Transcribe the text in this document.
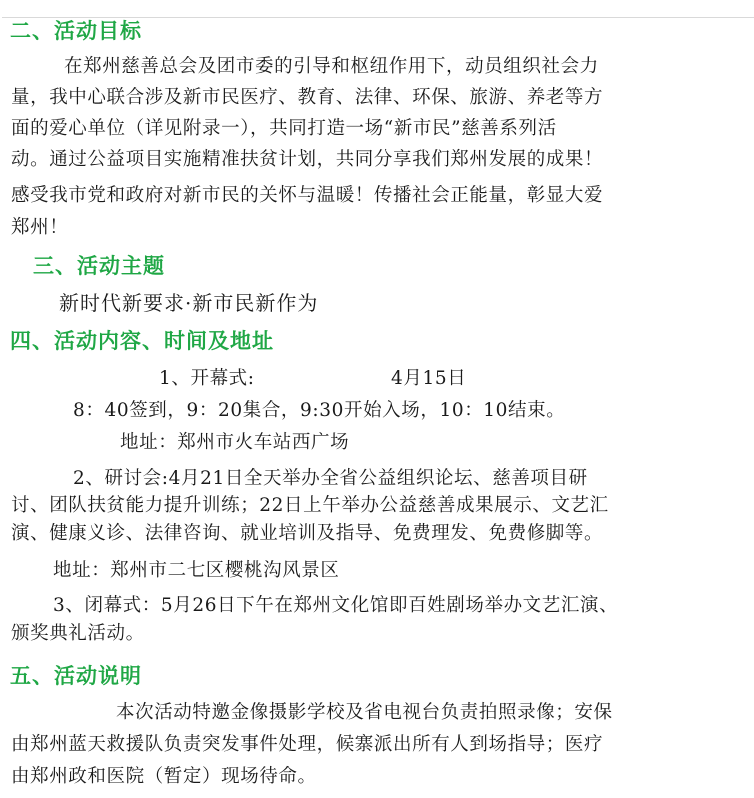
二、活动目标
在郑州慈善总会及团市委的引导和枢纽作用下，动员组织社会力
量，我中心联合涉及新市民医疗、教育、法律、环保、旅游、养老等方
面的爱心单位（详见附录一），共同打造一场“新市民”慈善系列活
动。通过公益项目实施精准扶贫计划，共同分享我们郑州发展的成果！
感受我市党和政府对新市民的关怀与温暖！传播社会正能量，彰显大爱
郑州！
三、活动主题
新时代新要求·新市民新作为
四、活动内容、时间及地址
1、开幕式:	4月15日
8：40签到，9：20集合，9:30开始入场，10：10结束。
地址：郑州市火车站西广场
2、研讨会:4月21日全天举办全省公益组织论坛、慈善项目研
讨、团队扶贫能力提升训练；22日上午举办公益慈善成果展示、文艺汇
演、健康义诊、法律咨询、就业培训及指导、免费理发、免费修脚等。
地址：郑州市二七区樱桃沟风景区
3、闭幕式：5月26日下午在郑州文化馆即百姓剧场举办文艺汇演、
颁奖典礼活动。
五、活动说明
本次活动特邀金像摄影学校及省电视台负责拍照录像；安保
由郑州蓝天救援队负责突发事件处理，候寨派出所有人到场指导；医疗
由郑州政和医院（暂定）现场待命。
